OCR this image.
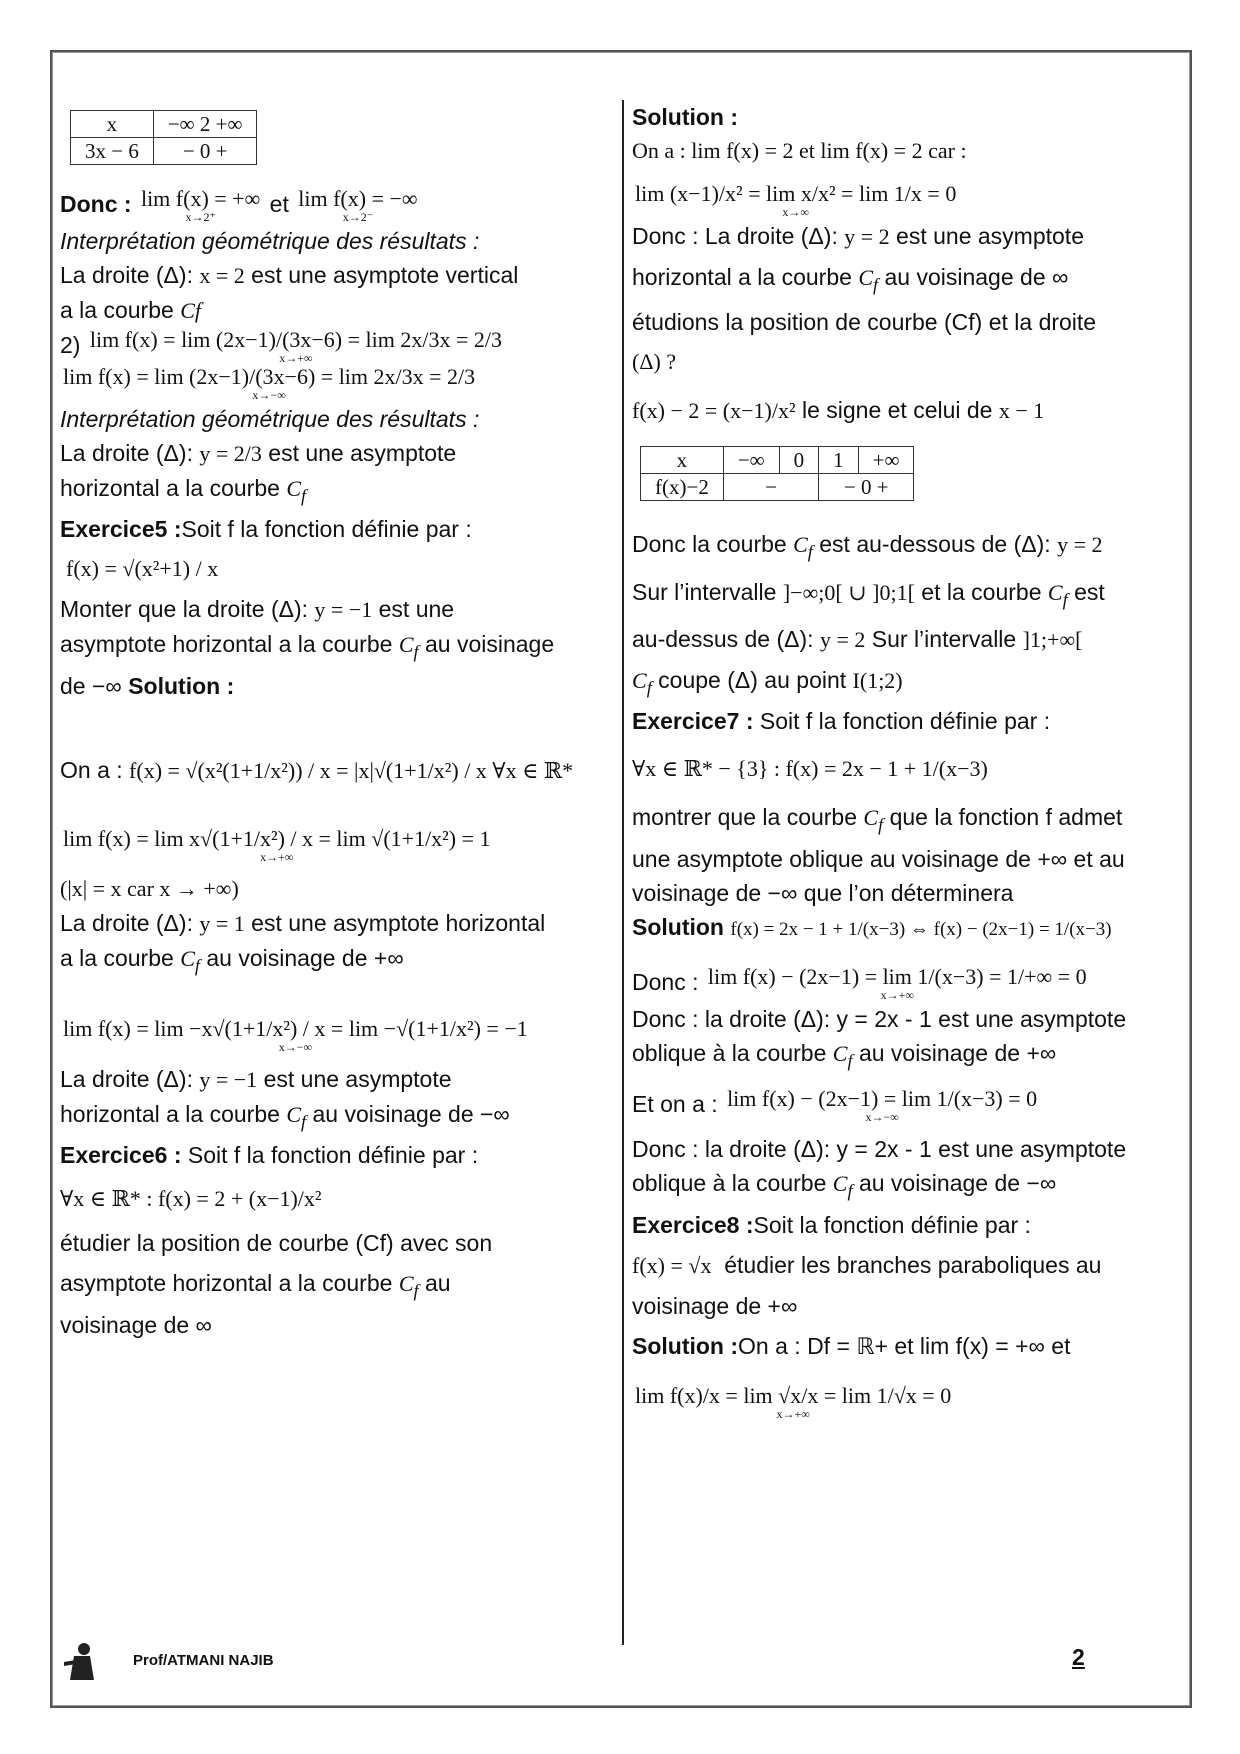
x	−∞ 2 +∞
3x − 6	− 0 +
Donc : lim f(x) = +∞
x→2⁺ et lim f(x) = −∞
x→2⁻
Interprétation géométrique des résultats :
La droite (Δ): x = 2 est une asymptote vertical
a la courbe Cf
2) lim f(x) = lim (2x−1)/(3x−6) = lim 2x/3x = 2/3
x→+∞
lim f(x) = lim (2x−1)/(3x−6) = lim 2x/3x = 2/3
x→−∞
Interprétation géométrique des résultats :
La droite (Δ): y = 2/3 est une asymptote
horizontal a la courbe $C_f$
Exercice5 :Soit f la fonction définie par :
f(x) = √(x²+1) / x
Monter que la droite (Δ): y = −1 est une
asymptote horizontal a la courbe $C_f$ au voisinage
de −∞ Solution :
On a : f(x) = √(x²(1+1/x²)) / x = |x|√(1+1/x²) / x ∀x ∈ ℝ*
lim f(x) = lim x√(1+1/x²) / x = lim √(1+1/x²) = 1
x→+∞
(|x| = x car x → +∞)
La droite (Δ): y = 1 est une asymptote horizontal
a la courbe $C_f$ au voisinage de +∞
lim f(x) = lim −x√(1+1/x²) / x = lim −√(1+1/x²) = −1
x→−∞
La droite (Δ): y = −1 est une asymptote
horizontal a la courbe $C_f$ au voisinage de −∞
Exercice6 : Soit f la fonction définie par :
∀x ∈ ℝ* : f(x) = 2 + (x−1)/x²
étudier la position de courbe (Cf) avec son
asymptote horizontal a la courbe $C_f$ au
voisinage de ∞
Solution :
On a : lim f(x) = 2 et lim f(x) = 2 car :
lim (x−1)/x² = lim x/x² = lim 1/x = 0
x→∞
Donc : La droite (Δ): y = 2 est une asymptote
horizontal a la courbe $C_f$ au voisinage de ∞
étudions la position de courbe (Cf) et la droite
(Δ) ?
f(x) − 2 = (x−1)/x² le signe et celui de x − 1
x	−∞	0	1	+∞
f(x)−2	−		− 0 +	
Donc la courbe $C_f$ est au-dessous de (Δ): y = 2
Sur l’intervalle ]−∞;0[ ∪ ]0;1[ et la courbe $C_f$ est
au-dessus de (Δ): y = 2 Sur l’intervalle ]1;+∞[
$C_f$ coupe (Δ) au point I(1;2)
Exercice7 : Soit f la fonction définie par :
∀x ∈ ℝ* − {3} : f(x) = 2x − 1 + 1/(x−3)
montrer que la courbe $C_f$ que la fonction f admet
une asymptote oblique au voisinage de +∞ et au
voisinage de −∞ que l’on déterminera
Solution f(x) = 2x − 1 + 1/(x−3) ⇔ f(x) − (2x−1) = 1/(x−3)
Donc : lim f(x) − (2x−1) = lim 1/(x−3) = 1/+∞ = 0
x→+∞
Donc : la droite (Δ): y = 2x - 1 est une asymptote
oblique à la courbe $C_f$ au voisinage de +∞
Et on a : lim f(x) − (2x−1) = lim 1/(x−3) = 0
x→−∞
Donc : la droite (Δ): y = 2x - 1 est une asymptote
oblique à la courbe $C_f$ au voisinage de −∞
Exercice8 :Soit la fonction définie par :
f(x) = √x étudier les branches paraboliques au
voisinage de +∞
Solution :On a : Df = ℝ+ et lim f(x) = +∞ et
lim f(x)/x = lim √x/x = lim 1/√x = 0
x→+∞
Prof/ATMANI NAJIB	2
